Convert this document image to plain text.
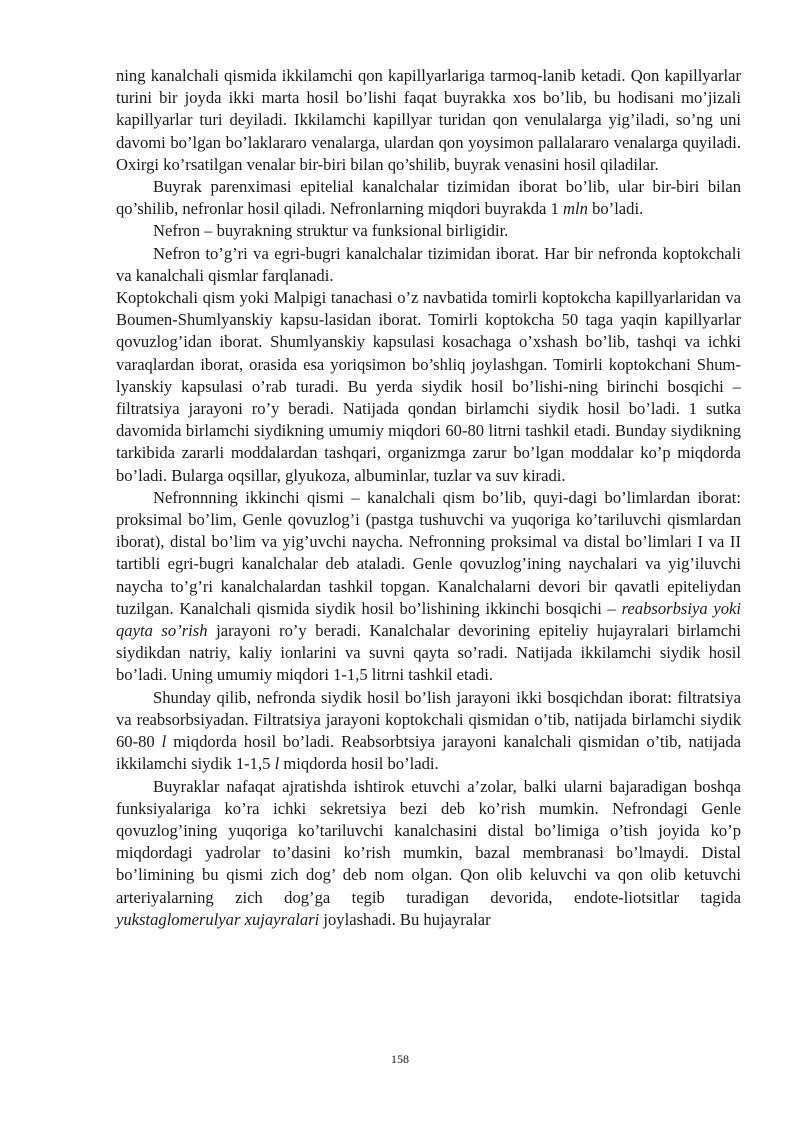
ning kanalchali qismida ikkilamchi qon kapillyarlariga tarmoq-lanib ketadi. Qon kapillyarlar turini bir joyda ikki marta hosil bo’lishi faqat buyrakka xos bo’lib, bu hodisani mo’jizali kapillyarlar turi deyiladi. Ikkilamchi kapillyar turidan qon venulalarga yig’iladi, so’ng uni davomi bo’lgan bo’laklararo venalarga, ulardan qon yoysimon pallalararo venalarga quyiladi. Oxirgi ko’rsatilgan venalar bir-biri bilan qo’shilib, buyrak venasini hosil qiladilar.

Buyrak parenximasi epitelial kanalchalar tizimidan iborat bo’lib, ular bir-biri bilan qo’shilib, nefronlar hosil qiladi. Nefronlarning miqdori buyrakda 1 mln bo’ladi.

Nefron – buyrakning struktur va funksional birligidir.

Nefron to’g’ri va egri-bugri kanalchalar tizimidan iborat. Har bir nefronda koptokchali va kanalchali qismlar farqlanadi.

Koptokchali qism yoki Malpigi tanachasi o’z navbatida tomirli koptokcha kapillyarlaridan va Boumen-Shumlyanskiy kapsu-lasidan iborat. Tomirli koptokcha 50 taga yaqin kapillyarlar qovuzlog’idan iborat. Shumlyanskiy kapsulasi kosachaga o’xshash bo’lib, tashqi va ichki varaqlardan iborat, orasida esa yoriqsimon bo’shliq joylashgan. Tomirli koptokchani Shum-lyanskiy kapsulasi o’rab turadi. Bu yerda siydik hosil bo’lishi-ning birinchi bosqichi – filtratsiya jarayoni ro’y beradi. Natijada qondan birlamchi siydik hosil bo’ladi. 1 sutka davomida birlamchi siydikning umumiy miqdori 60-80 litrni tashkil etadi. Bunday siydikning tarkibida zararli moddalardan tashqari, organizmga zarur bo’lgan moddalar ko’p miqdorda bo’ladi. Bularga oqsillar, glyukoza, albuminlar, tuzlar va suv kiradi.

Nefronnning ikkinchi qismi – kanalchali qism bo’lib, quyi-dagi bo’limlardan iborat: proksimal bo’lim, Genle qovuzlog’i (pastga tushuvchi va yuqoriga ko’tariluvchi qismlardan iborat), distal bo’lim va yig’uvchi naycha. Nefronning proksimal va distal bo’limlari I va II tartibli egri-bugri kanalchalar deb ataladi. Genle qovuzlog’ining naychalari va yig’iluvchi naycha to’g’ri kanalchalardan tashkil topgan. Kanalchalarni devori bir qavatli epiteliydan tuzilgan. Kanalchali qismida siydik hosil bo’lishining ikkinchi bosqichi – reabsorbsiya yoki qayta so’rish jarayoni ro’y beradi. Kanalchalar devorining epiteliy hujayralari birlamchi siydikdan natriy, kaliy ionlarini va suvni qayta so’radi. Natijada ikkilamchi siydik hosil bo’ladi. Uning umumiy miqdori 1-1,5 litrni tashkil etadi.

Shunday qilib, nefronda siydik hosil bo’lish jarayoni ikki bosqichdan iborat: filtratsiya va reabsorbsiyadan. Filtratsiya jarayoni koptokchali qismidan o’tib, natijada birlamchi siydik 60-80 l miqdorda hosil bo’ladi. Reabsorbtsiya jarayoni kanalchali qismidan o’tib, natijada ikkilamchi siydik 1-1,5 l miqdorda hosil bo’ladi.

Buyraklar nafaqat ajratishda ishtirok etuvchi a’zolar, balki ularni bajaradigan boshqa funksiyalariga ko’ra ichki sekretsiya bezi deb ko’rish mumkin. Nefrondagi Genle qovuzlog’ining yuqoriga ko’tariluvchi kanalchasini distal bo’limiga o’tish joyida ko’p miqdordagi yadrolar to’dasini ko’rish mumkin, bazal membranasi bo’lmaydi. Distal bo’limining bu qismi zich dog’ deb nom olgan. Qon olib keluvchi va qon olib ketuvchi arteriyalarning zich dog’ga tegib turadigan devorida, endote-liotsitlar tagida yukstaglomerulyar xujayralari joylashadi. Bu hujayralar

158
